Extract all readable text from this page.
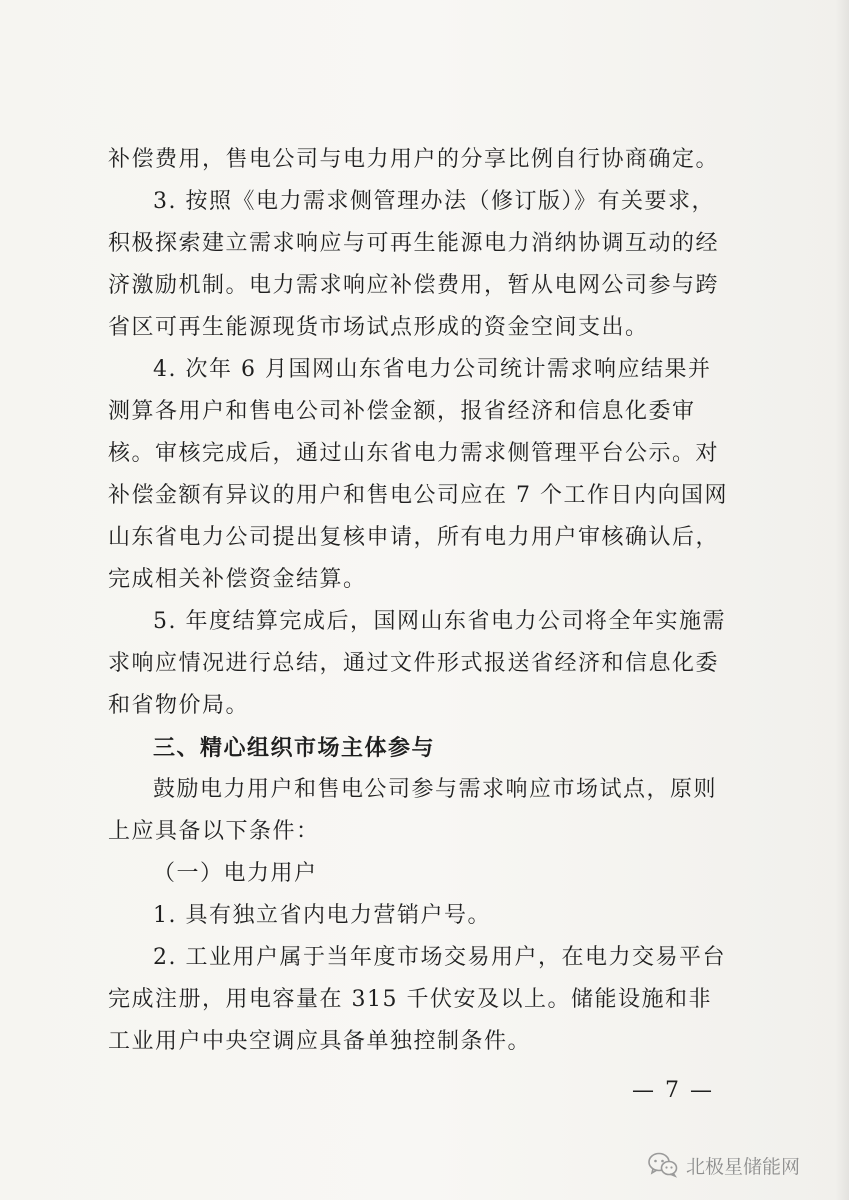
补偿费用，售电公司与电力用户的分享比例自行协商确定。

3. 按照《电力需求侧管理办法（修订版）》有关要求，积极探索建立需求响应与可再生能源电力消纳协调互动的经济激励机制。电力需求响应补偿费用，暂从电网公司参与跨省区可再生能源现货市场试点形成的资金空间支出。

4. 次年 6 月国网山东省电力公司统计需求响应结果并测算各用户和售电公司补偿金额，报省经济和信息化委审核。审核完成后，通过山东省电力需求侧管理平台公示。对补偿金额有异议的用户和售电公司应在 7 个工作日内向国网山东省电力公司提出复核申请，所有电力用户审核确认后，完成相关补偿资金结算。

5. 年度结算完成后，国网山东省电力公司将全年实施需求响应情况进行总结，通过文件形式报送省经济和信息化委和省物价局。

三、精心组织市场主体参与

鼓励电力用户和售电公司参与需求响应市场试点，原则上应具备以下条件：

（一）电力用户

1. 具有独立省内电力营销户号。

2. 工业用户属于当年度市场交易用户，在电力交易平台完成注册，用电容量在 315 千伏安及以上。储能设施和非工业用户中央空调应具备单独控制条件。

— 7 —
北极星储能网
